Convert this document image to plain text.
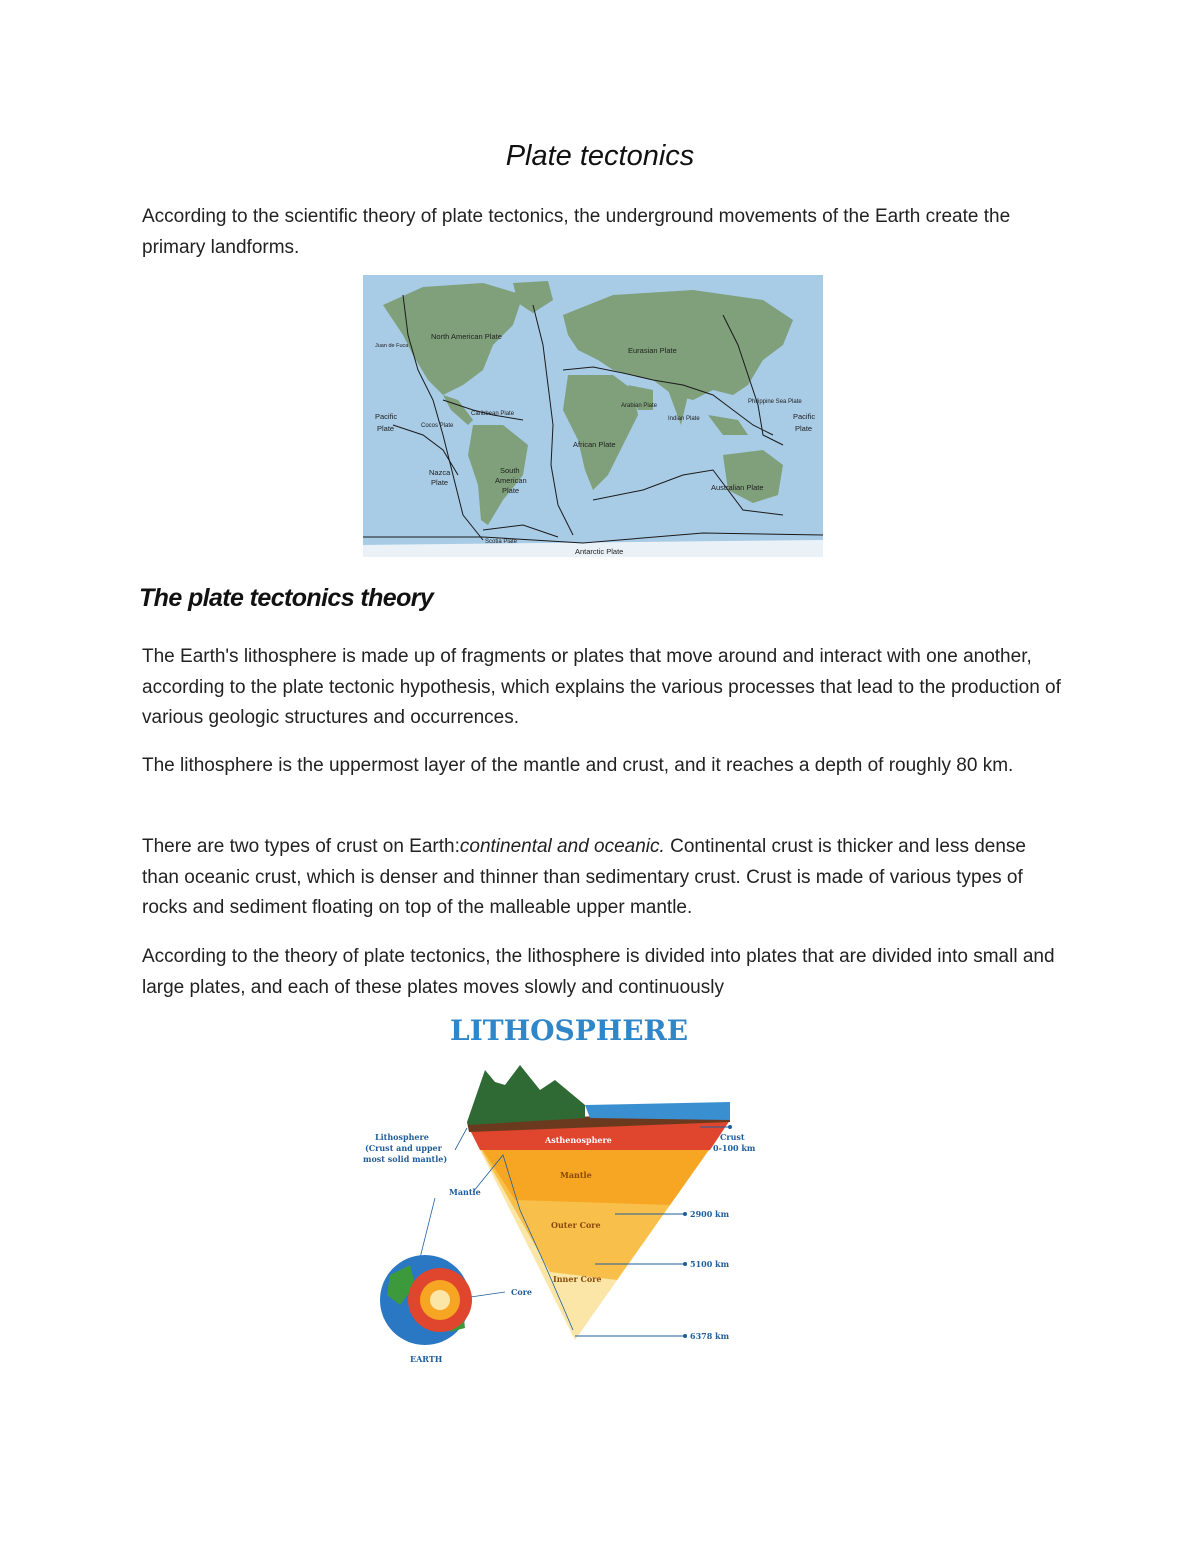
Plate tectonics

According to the scientific theory of plate tectonics, the underground movements of the Earth create the primary landforms.

North American Plate
Eurasian Plate
Pacific
Plate
Pacific
Plate
Caribbean Plate
Cocos Plate
Arabian Plate
Indian Plate
Philippine Sea Plate
African Plate
Nazca
Plate
South
American
Plate	Australian Plate
Scotia Plate
Antarctic Plate
Juan de Fuca
The plate tectonics theory

The Earth's lithosphere is made up of fragments or plates that move around and interact with one another, according to the plate tectonic hypothesis, which explains the various processes that lead to the production of various geologic structures and occurrences.

The lithosphere is the uppermost layer of the mantle and crust, and it reaches a depth of roughly 80 km.

There are two types of crust on Earth:continental and oceanic. Continental crust is thicker and less dense than oceanic crust, which is denser and thinner than sedimentary crust. Crust is made of various types of rocks and sediment floating on top of the malleable upper mantle.

According to the theory of plate tectonics, the lithosphere is divided into plates that are divided into small and large plates, and each of these plates moves slowly and continuously

LITHOSPHERE
Asthenosphere
Mantle
Outer Core
Inner Core
Crust
0-100 km
2900 km
5100 km
6378 km
Lithosphere
(Crust and upper
most solid mantle)
Mantle
Core
EARTH
